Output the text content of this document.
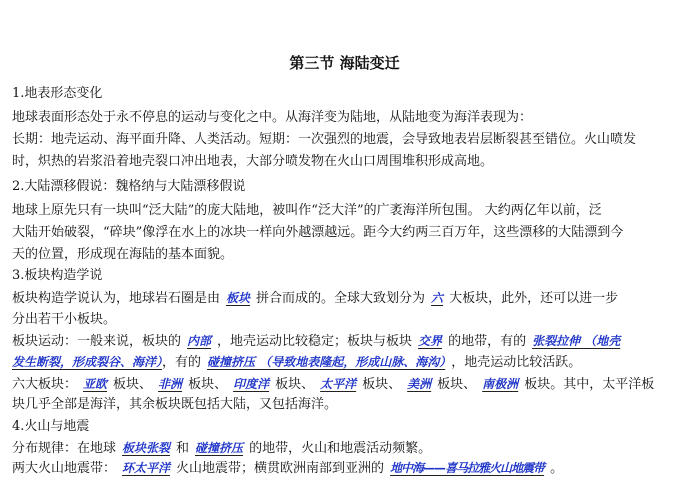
第三节 海陆变迁
1.地表形态变化
地球表面形态处于永不停息的运动与变化之中。从海洋变为陆地，从陆地变为海洋表现为：
长期：地壳运动、海平面升降、人类活动。短期：一次强烈的地震，会导致地表岩层断裂甚至错位。火山喷发
时，炽热的岩浆沿着地壳裂口冲出地表，大部分喷发物在火山口周围堆积形成高地。
2.大陆漂移假说：魏格纳与大陆漂移假说
地球上原先只有一块叫“泛大陆”的庞大陆地，被叫作“泛大洋”的广袤海洋所包围。 大约两亿年以前，泛
大陆开始破裂，“碎块”像浮在水上的冰块一样向外越漂越远。距今大约两三百万年，这些漂移的大陆漂到今
天的位置，形成现在海陆的基本面貌。
3.板块构造学说
板块构造学说认为，地球岩石圈是由 板块 拼合而成的。全球大致划分为 六 大板块，此外，还可以进一步
分出若干小板块。
板块运动：一般来说，板块的 内部 ，地壳运动比较稳定；板块与板块 交界 的地带，有的 张裂拉伸 （地壳
发生断裂，形成裂谷、海洋），有的 碰撞挤压 （导致地表隆起，形成山脉、海沟） ，地壳运动比较活跃。
六大板块： 亚欧 板块、 非洲 板块、 印度洋 板块、 太平洋 板块、 美洲 板块、 南极洲 板块。其中，太平洋板
块几乎全部是海洋，其余板块既包括大陆，又包括海洋。
4.火山与地震
分布规律：在地球 板块张裂 和 碰撞挤压 的地带，火山和地震活动频繁。
两大火山地震带： 环太平洋 火山地震带；横贯欧洲南部到亚洲的 地中海——喜马拉雅火山地震带 。
